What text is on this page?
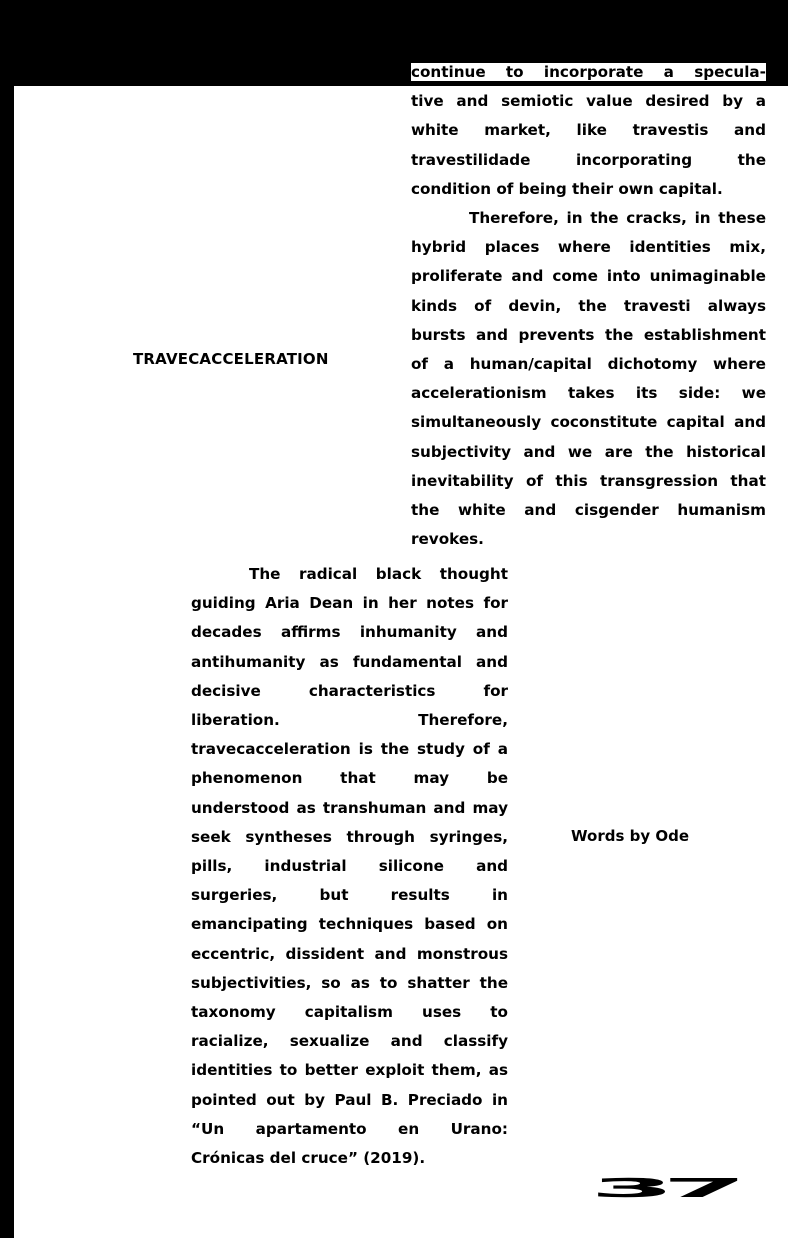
TRAVECACCELERATION

continue to incorporate a specula-
tive and semiotic value desired by a white market, like travestis and travestilidade incorporating the condition of being their own capital.

Therefore, in the cracks, in these hybrid places where identities mix, proliferate and come into unimaginable kinds of devin, the travesti always bursts and prevents the establishment of a human/capital dichotomy where accelerationism takes its side: we simultaneously coconstitute capital and subjectivity and we are the historical inevitability of this transgression that the white and cisgender humanism revokes.

The radical black thought guiding Aria Dean in her notes for decades affirms inhumanity and antihumanity as fundamental and decisive characteristics for liberation. Therefore, travecacceleration is the study of a phenomenon that may be understood as transhuman and may seek syntheses through syringes, pills, industrial silicone and surgeries, but results in emancipating techniques based on eccentric, dissident and monstrous subjectivities, so as to shatter the taxonomy capitalism uses to racialize, sexualize and classify identities to better exploit them, as pointed out by Paul B. Preciado in “Un apartamento en Urano: Crónicas del cruce” (2019).

Words by Ode
37
